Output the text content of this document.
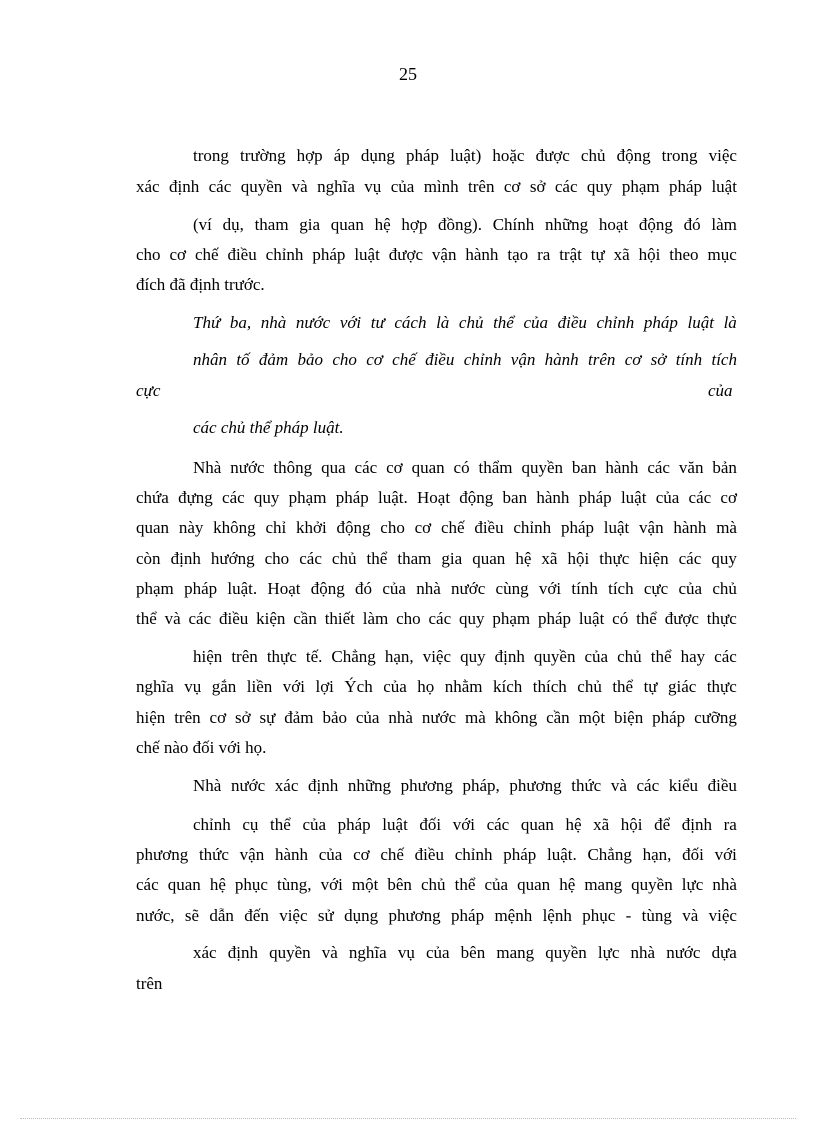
25
trong trường hợp áp dụng pháp luật) hoặc được chủ động trong việc
xác định các quyền và nghĩa vụ của mình trên cơ sở các quy phạm pháp luật
(ví dụ, tham gia quan hệ hợp đồng). Chính những hoạt động đó làm
cho cơ chế điều chỉnh pháp luật được vận hành tạo ra trật tự xã hội theo mục
đích đã định trước.
Thứ ba, nhà nước với tư cách là chủ thể của điều chỉnh pháp luật là
nhân tố đảm bảo cho cơ chế điều chỉnh vận hành trên cơ sở tính tích
cực	của
các chủ thể pháp luật.
Nhà nước thông qua các cơ quan có thẩm quyền ban hành các văn bản
chứa đựng các quy phạm pháp luật. Hoạt động ban hành pháp luật của các cơ
quan này không chỉ khởi động cho cơ chế điều chỉnh pháp luật vận hành mà
còn định hướng cho các chủ thể tham gia quan hệ xã hội thực hiện các quy
phạm pháp luật. Hoạt động đó của nhà nước cùng với tính tích cực của chủ
thể và các điều kiện cần thiết làm cho các quy phạm pháp luật có thể được thực
hiện trên thực tế. Chẳng hạn, việc quy định quyền của chủ thể hay các
nghĩa vụ gắn liền với lợi Ých của họ nhằm kích thích chủ thể tự giác thực
hiện trên cơ sở sự đảm bảo của nhà nước mà không cần một biện pháp cưỡng
chế nào đối với họ.
Nhà nước xác định những phương pháp, phương thức và các kiểu điều
chỉnh cụ thể của pháp luật đối với các quan hệ xã hội để định ra
phương thức vận hành của cơ chế điều chỉnh pháp luật. Chẳng hạn, đối với
các quan hệ phục tùng, với một bên chủ thể của quan hệ mang quyền lực nhà
nước, sẽ dẫn đến việc sử dụng phương pháp mệnh lệnh phục - tùng và việc
xác định quyền và nghĩa vụ của bên mang quyền lực nhà nước dựa
trên
